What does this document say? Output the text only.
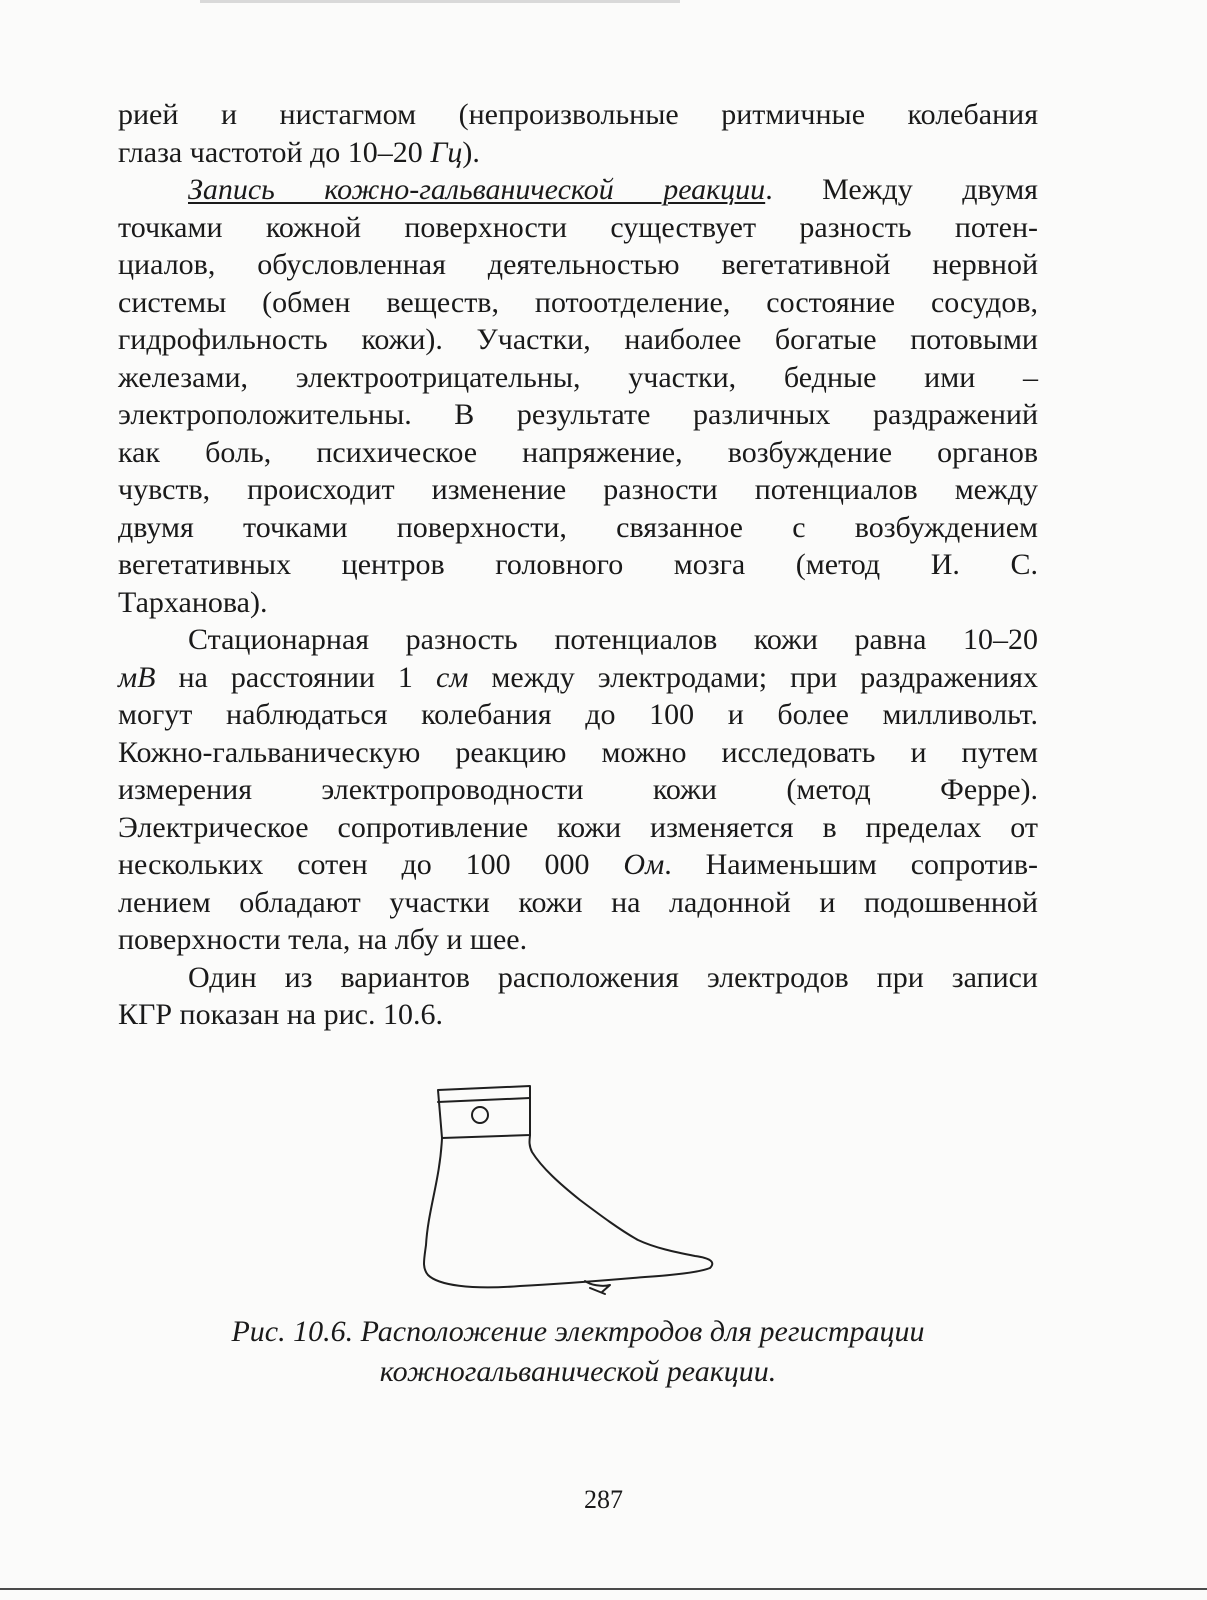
рией и нистагмом (непроизвольные ритмичные колебания
глаза частотой до 10–20 Гц).
Запись кожно-гальванической реакции. Между двумя
точками кожной поверхности существует разность потен-
циалов, обусловленная деятельностью вегетативной нервной
системы (обмен веществ, потоотделение, состояние сосудов,
гидрофильность кожи). Участки, наиболее богатые потовыми
железами, электроотрицательны, участки, бедные ими –
электроположительны. В результате различных раздражений
как боль, психическое напряжение, возбуждение органов
чувств, происходит изменение разности потенциалов между
двумя точками поверхности, связанное с возбуждением
вегетативных центров головного мозга (метод И. С.
Тарханова).
Стационарная разность потенциалов кожи равна 10–20
мВ на расстоянии 1 см между электродами; при раздражениях
могут наблюдаться колебания до 100 и более милливольт.
Кожно-гальваническую реакцию можно исследовать и путем
измерения электропроводности кожи (метод Ферре).
Электрическое сопротивление кожи изменяется в пределах от
нескольких сотен до 100 000 Ом. Наименьшим сопротив-
лением обладают участки кожи на ладонной и подошвенной
поверхности тела, на лбу и шее.
Один из вариантов расположения электродов при записи
КГР показан на рис. 10.6.
Рис. 10.6. Расположение электродов для регистрации
кожногальванической реакции.
287
